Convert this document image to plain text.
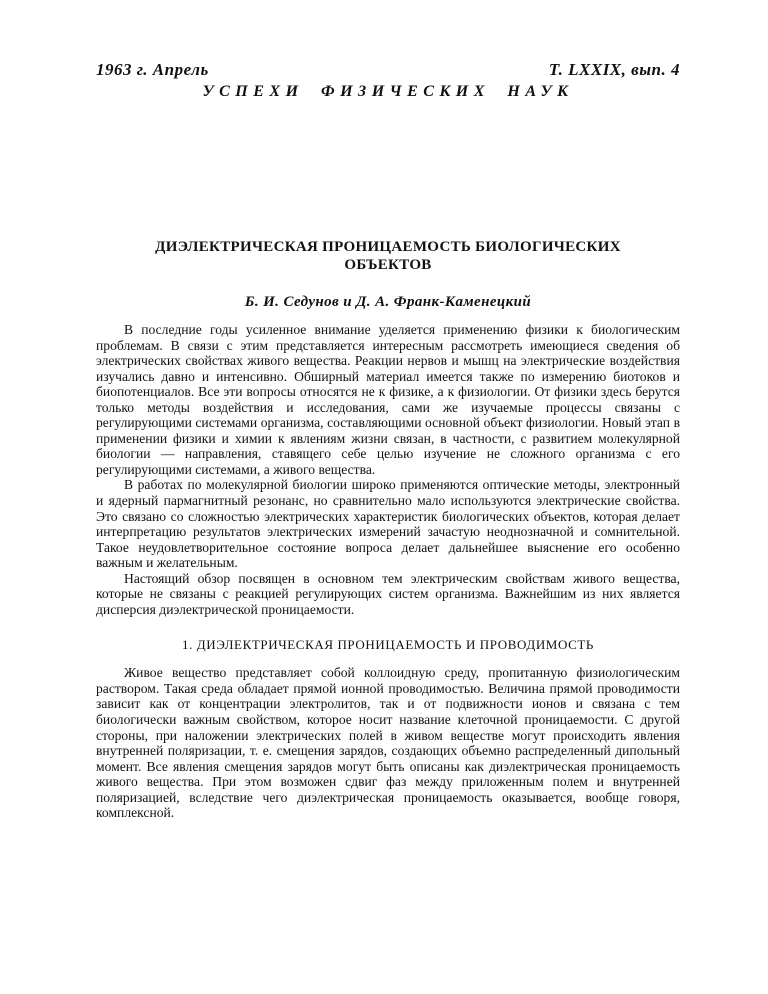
1963 г. Апрель	Т. LXXIX, вып. 4
УСПЕХИ ФИЗИЧЕСКИХ НАУК
ДИЭЛЕКТРИЧЕСКАЯ ПРОНИЦАЕМОСТЬ БИОЛОГИЧЕСКИХ
ОБЪЕКТОВ
Б. И. Седунов и Д. А. Франк-Каменецкий

В последние годы усиленное внимание уделяется применению физики к биологическим проблемам. В связи с этим представляется интересным рассмотреть имеющиеся сведения об электрических свойствах живого вещества. Реакции нервов и мышц на электрические воздействия изучались давно и интенсивно. Обширный материал имеется также по измерению биотоков и биопотенциалов. Все эти вопросы относятся не к физике, а к физиологии. От физики здесь берутся только методы воздействия и исследования, сами же изучаемые процессы связаны с регулирующими системами организма, составляющими основной объект физиологии. Новый этап в применении физики и химии к явлениям жизни связан, в частности, с развитием молекулярной биологии — направления, ставящего себе целью изучение не сложного организма с его регулирующими системами, а живого вещества.

В работах по молекулярной биологии широко применяются оптические методы, электронный и ядерный пармагнитный резонанс, но сравнительно мало используются электрические свойства. Это связано со сложностью электрических характеристик биологических объектов, которая делает интерпретацию результатов электрических измерений зачастую неоднозначной и сомнительной. Такое неудовлетворительное состояние вопроса делает дальнейшее выяснение его особенно важным и желательным.

Настоящий обзор посвящен в основном тем электрическим свойствам живого вещества, которые не связаны с реакцией регулирующих систем организма. Важнейшим из них является дисперсия диэлектрической проницаемости.

1. ДИЭЛЕКТРИЧЕСКАЯ ПРОНИЦАЕМОСТЬ И ПРОВОДИМОСТЬ

Живое вещество представляет собой коллоидную среду, пропитанную физиологическим раствором. Такая среда обладает прямой ионной проводимостью. Величина прямой проводимости зависит как от концентрации электролитов, так и от подвижности ионов и связана с тем биологически важным свойством, которое носит название клеточной проницаемости. С другой стороны, при наложении электрических полей в живом веществе могут происходить явления внутренней поляризации, т. е. смещения зарядов, создающих объемно распределенный дипольный момент. Все явления смещения зарядов могут быть описаны как диэлектрическая проницаемость живого вещества. При этом возможен сдвиг фаз между приложенным полем и внутренней поляризацией, вследствие чего диэлектрическая проницаемость оказывается, вообще говоря, комплексной.
